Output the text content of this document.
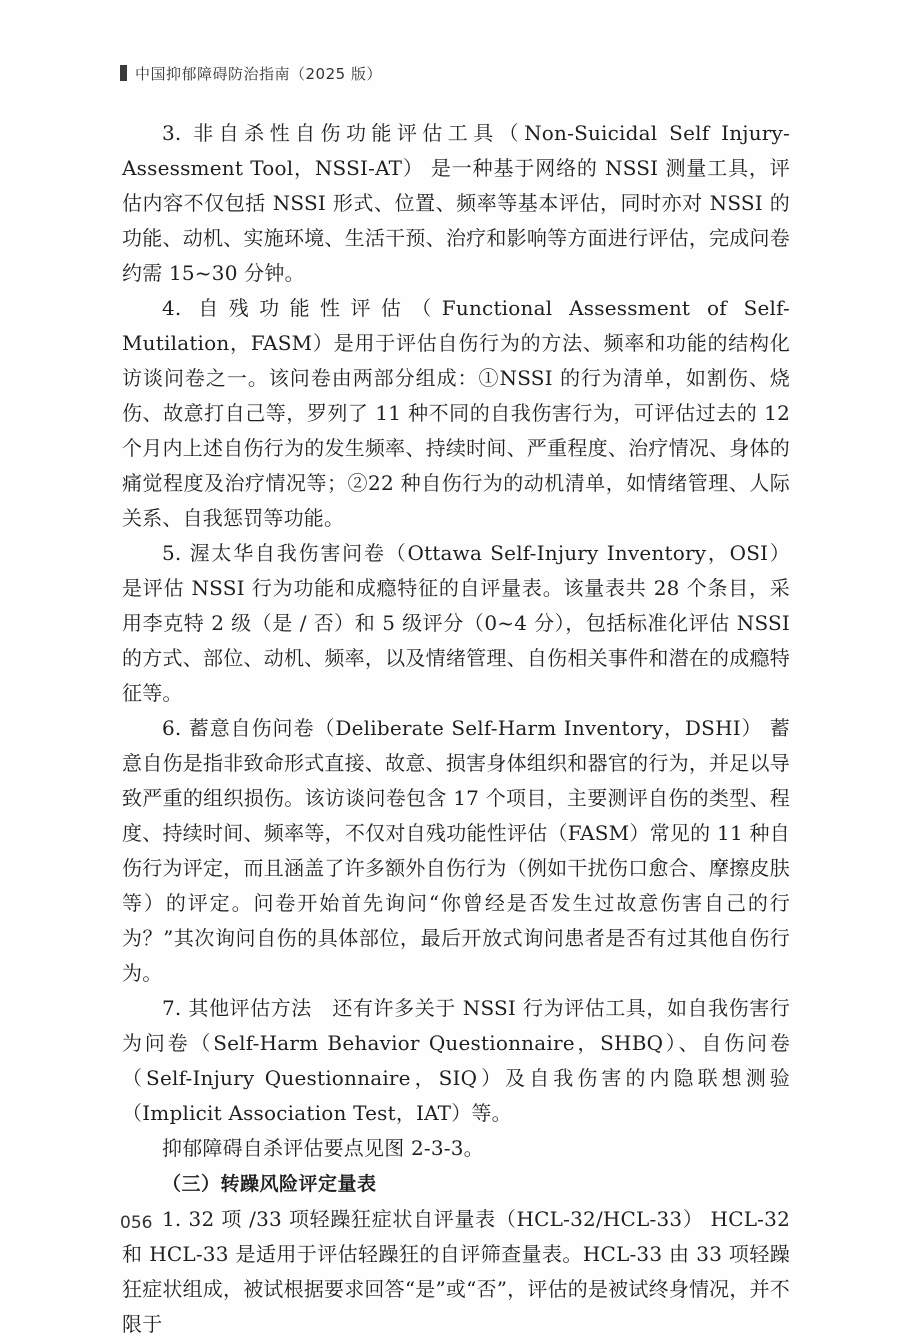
中国抑郁障碍防治指南（2025 版）

3. 非自杀性自伤功能评估工具（Non-Suicidal Self Injury-Assessment Tool，NSSI-AT） 是一种基于网络的 NSSI 测量工具，评估内容不仅包括 NSSI 形式、位置、频率等基本评估，同时亦对 NSSI 的功能、动机、实施环境、生活干预、治疗和影响等方面进行评估，完成问卷约需 15~30 分钟。

4. 自残功能性评估（Functional Assessment of Self-Mutilation，FASM）是用于评估自伤行为的方法、频率和功能的结构化访谈问卷之一。该问卷由两部分组成：①NSSI 的行为清单，如割伤、烧伤、故意打自己等，罗列了 11 种不同的自我伤害行为，可评估过去的 12 个月内上述自伤行为的发生频率、持续时间、严重程度、治疗情况、身体的痛觉程度及治疗情况等；②22 种自伤行为的动机清单，如情绪管理、人际关系、自我惩罚等功能。

5. 渥太华自我伤害问卷（Ottawa Self-Injury Inventory，OSI） 是评估 NSSI 行为功能和成瘾特征的自评量表。该量表共 28 个条目，采用李克特 2 级（是 / 否）和 5 级评分（0~4 分），包括标准化评估 NSSI 的方式、部位、动机、频率，以及情绪管理、自伤相关事件和潜在的成瘾特征等。

6. 蓄意自伤问卷（Deliberate Self-Harm Inventory，DSHI） 蓄意自伤是指非致命形式直接、故意、损害身体组织和器官的行为，并足以导致严重的组织损伤。该访谈问卷包含 17 个项目，主要测评自伤的类型、程度、持续时间、频率等，不仅对自残功能性评估（FASM）常见的 11 种自伤行为评定，而且涵盖了许多额外自伤行为（例如干扰伤口愈合、摩擦皮肤等）的评定。问卷开始首先询问“你曾经是否发生过故意伤害自己的行为？”其次询问自伤的具体部位，最后开放式询问患者是否有过其他自伤行为。

7. 其他评估方法　还有许多关于 NSSI 行为评估工具，如自我伤害行为问卷（Self-Harm Behavior Questionnaire，SHBQ）、自伤问卷（Self-Injury Questionnaire，SIQ）及自我伤害的内隐联想测验（Implicit Association Test，IAT）等。

抑郁障碍自杀评估要点见图 2-3-3。

（三）转躁风险评定量表

1. 32 项 /33 项轻躁狂症状自评量表（HCL-32/HCL-33） HCL-32 和 HCL-33 是适用于评估轻躁狂的自评筛查量表。HCL-33 由 33 项轻躁狂症状组成，被试根据要求回答“是”或“否”，评估的是被试终身情况，并不限于

056
